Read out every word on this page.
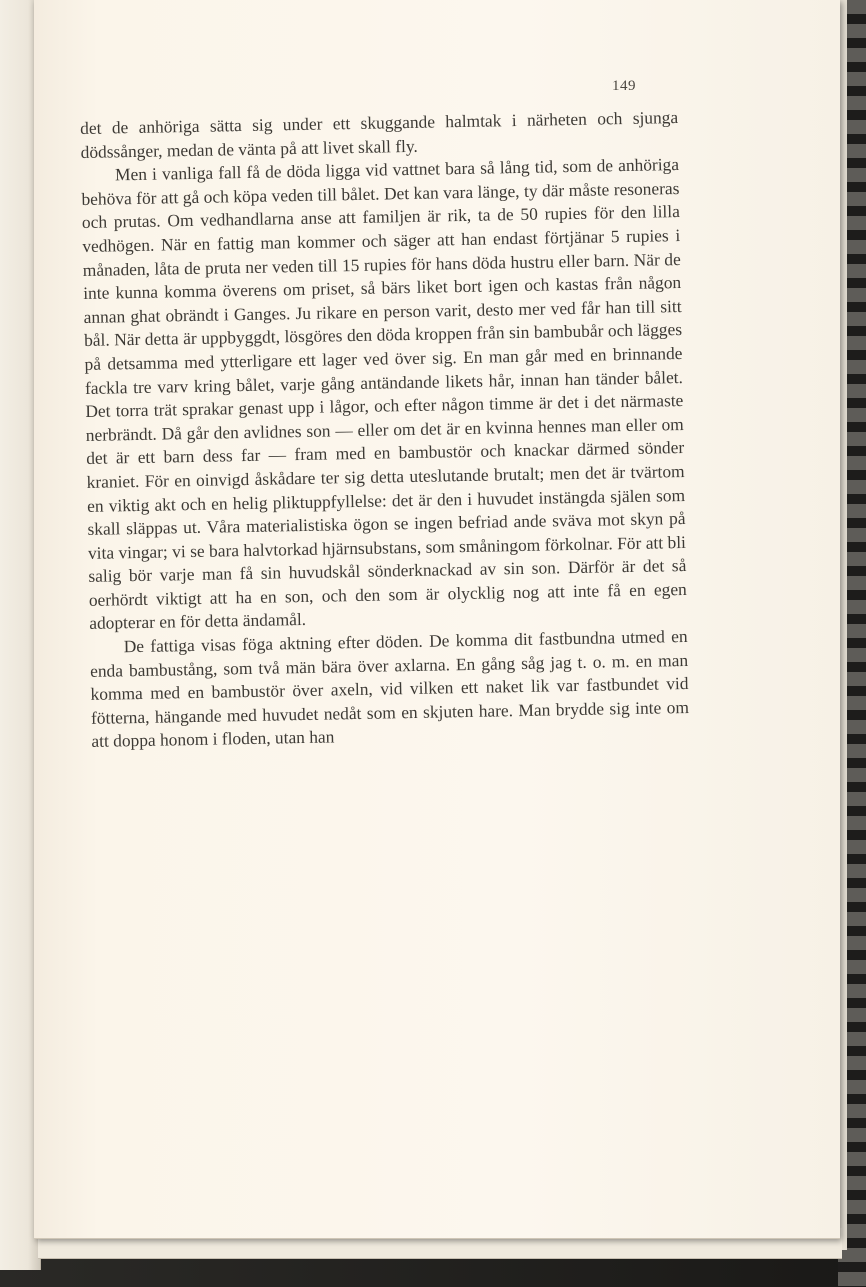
149

det de anhöriga sätta sig under ett skuggande halmtak i närheten och sjunga dödssånger, medan de vänta på att livet skall fly.

Men i vanliga fall få de döda ligga vid vattnet bara så lång tid, som de anhöriga behöva för att gå och köpa veden till bålet. Det kan vara länge, ty där måste resoneras och prutas. Om vedhandlarna anse att familjen är rik, ta de 50 rupies för den lilla vedhögen. När en fattig man kommer och säger att han endast förtjänar 5 rupies i månaden, låta de pruta ner veden till 15 rupies för hans döda hustru eller barn. När de inte kunna komma överens om priset, så bärs liket bort igen och kastas från någon annan ghat obrändt i Ganges. Ju rikare en person varit, desto mer ved får han till sitt bål. När detta är uppbyggdt, lösgöres den döda kroppen från sin bambubår och lägges på detsamma med ytterligare ett lager ved över sig. En man går med en brinnande fackla tre varv kring bålet, varje gång antändande likets hår, innan han tänder bålet. Det torra trät sprakar genast upp i lågor, och efter någon timme är det i det närmaste nerbrändt. Då går den avlidnes son — eller om det är en kvinna hennes man eller om det är ett barn dess far — fram med en bambustör och knackar därmed sönder kraniet. För en oinvigd åskådare ter sig detta uteslutande brutalt; men det är tvärtom en viktig akt och en helig pliktuppfyllelse: det är den i huvudet instängda själen som skall släppas ut. Våra materialistiska ögon se ingen befriad ande sväva mot skyn på vita vingar; vi se bara halvtorkad hjärnsubstans, som småningom förkolnar. För att bli salig bör varje man få sin huvudskål sönderknackad av sin son. Därför är det så oerhördt viktigt att ha en son, och den som är olycklig nog att inte få en egen adopterar en för detta ändamål.

De fattiga visas föga aktning efter döden. De komma dit fastbundna utmed en enda bambustång, som två män bära över axlarna. En gång såg jag t. o. m. en man komma med en bambustör över axeln, vid vilken ett naket lik var fastbundet vid fötterna, hängande med huvudet nedåt som en skjuten hare. Man brydde sig inte om att doppa honom i floden, utan han
